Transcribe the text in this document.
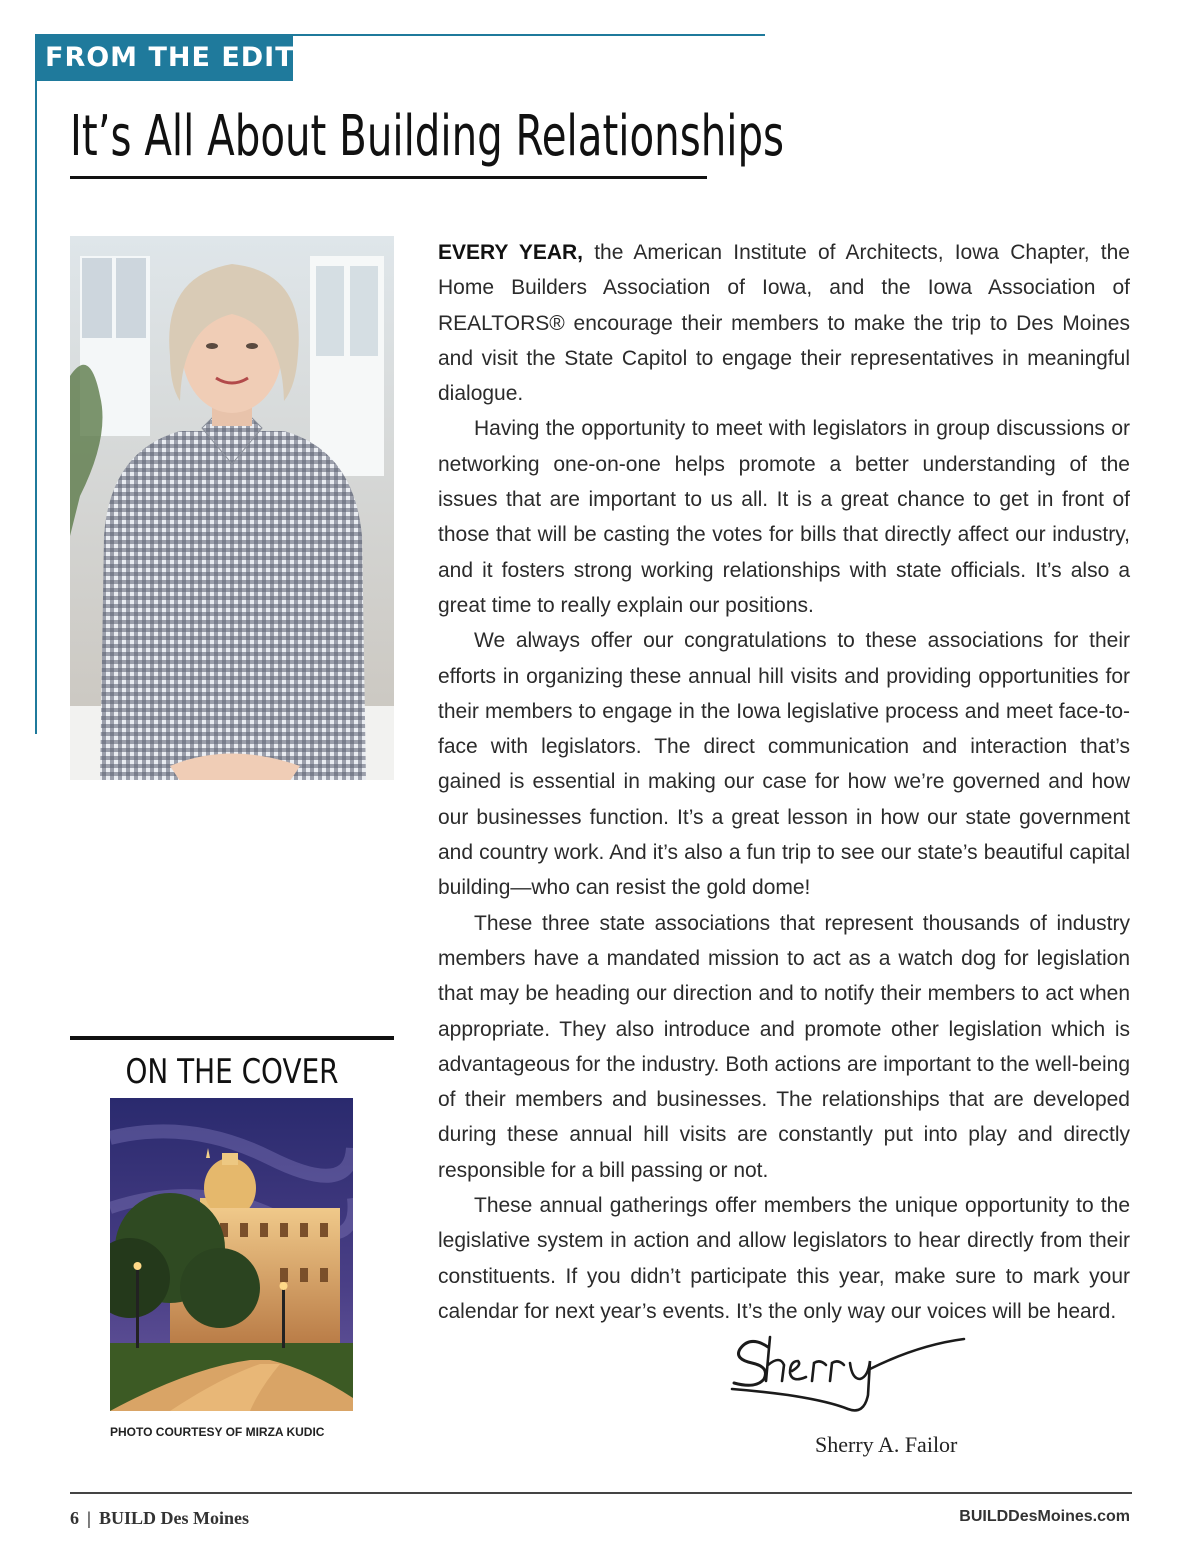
FROM THE EDITOR
It’s All About Building Relationships

EVERY YEAR, the American Institute of Architects, Iowa Chapter, the Home Builders Association of Iowa, and the Iowa Association of REALTORS® encourage their members to make the trip to Des Moines and visit the State Capitol to engage their representatives in meaningful dialogue.

Having the opportunity to meet with legislators in group discussions or networking one-on-one helps promote a better understanding of the issues that are important to us all. It is a great chance to get in front of those that will be casting the votes for bills that directly affect our industry, and it fosters strong working relationships with state officials. It’s also a great time to really explain our positions.

We always offer our congratulations to these associations for their efforts in organizing these annual hill visits and providing opportunities for their members to engage in the Iowa legislative process and meet face-to-face with legislators. The direct communication and interaction that’s gained is essential in making our case for how we’re governed and how our businesses function. It’s a great lesson in how our state government and country work. And it’s also a fun trip to see our state’s beautiful capital building—who can resist the gold dome!

These three state associations that represent thousands of industry members have a mandated mission to act as a watch dog for legislation that may be heading our direction and to notify their members to act when appropriate. They also introduce and promote other legislation which is advantageous for the industry. Both actions are important to the well-being of their members and businesses. The relationships that are developed during these annual hill visits are constantly put into play and directly responsible for a bill passing or not.

These annual gatherings offer members the unique opportunity to the legislative system in action and allow legislators to hear directly from their constituents. If you didn’t participate this year, make sure to mark your calendar for next year’s events. It’s the only way our voices will be heard.

ON THE COVER
PHOTO COURTESY OF MIRZA KUDIC	Sherry A. Failor
6 | BUILD Des Moines	BUILDDesMoines.com
